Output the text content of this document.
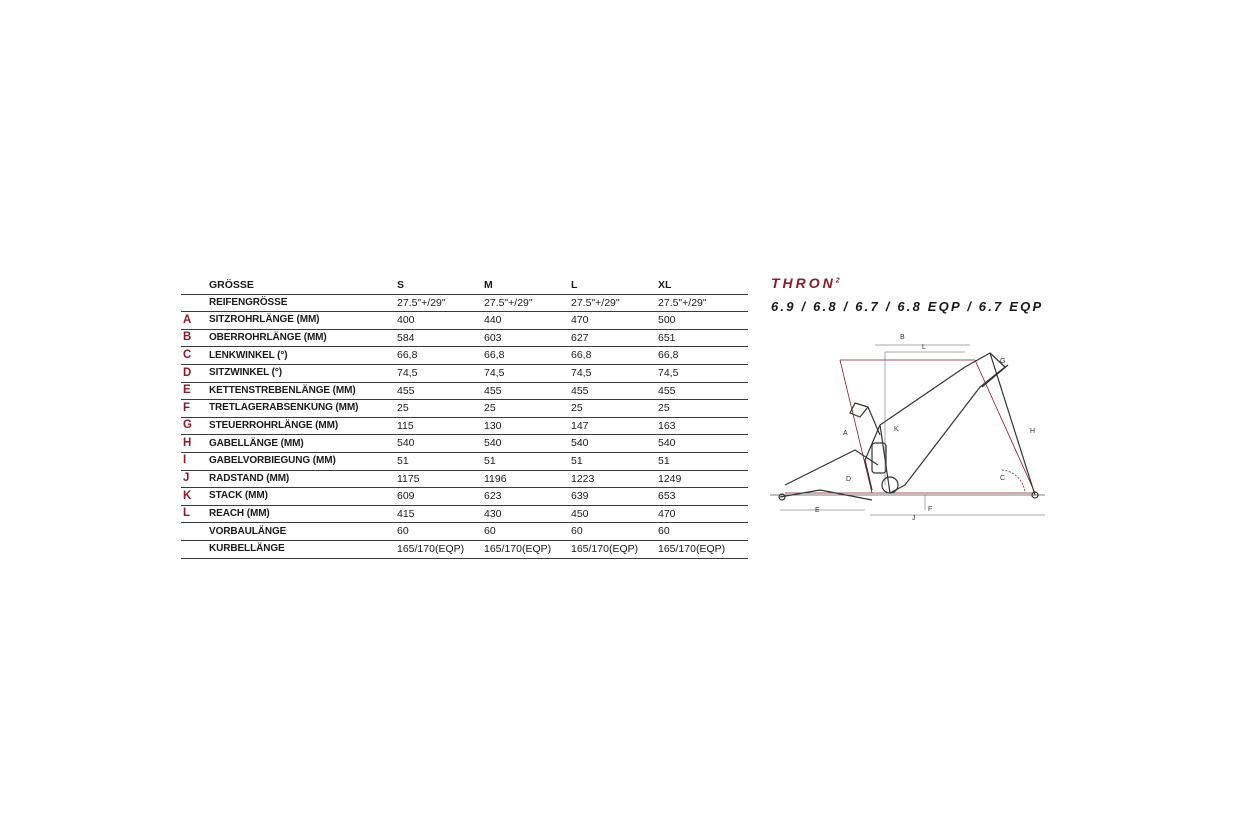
	GRÖSSE	S	M	L	XL
	REIFENGRÖSSE	27.5"+/29"	27.5"+/29"	27.5"+/29"	27.5"+/29"
A	SITZROHRLÄNGE (MM)	400	440	470	500
B	OBERROHRLÄNGE (MM)	584	603	627	651
C	LENKWINKEL (°)	66,8	66,8	66,8	66,8
D	SITZWINKEL (°)	74,5	74,5	74,5	74,5
E	KETTENSTREBENLÄNGE (MM)	455	455	455	455
F	TRETLAGERABSENKUNG (MM)	25	25	25	25
G	STEUERROHRLÄNGE (MM)	115	130	147	163
H	GABELLÄNGE (MM)	540	540	540	540
I	GABELVORBIEGUNG (MM)	51	51	51	51
J	RADSTAND (MM)	1175	1196	1223	1249
K	STACK (MM)	609	623	639	653
L	REACH (MM)	415	430	450	470
	VORBAULÄNGE	60	60	60	60
	KURBELLÄNGE	165/170(EQP)	165/170(EQP)	165/170(EQP)	165/170(EQP)
THRON$^2$
6.9 / 6.8 / 6.7 / 6.8 EQP / 6.7 EQP
B
L
G
A
K	H
C
D
E	F
J
